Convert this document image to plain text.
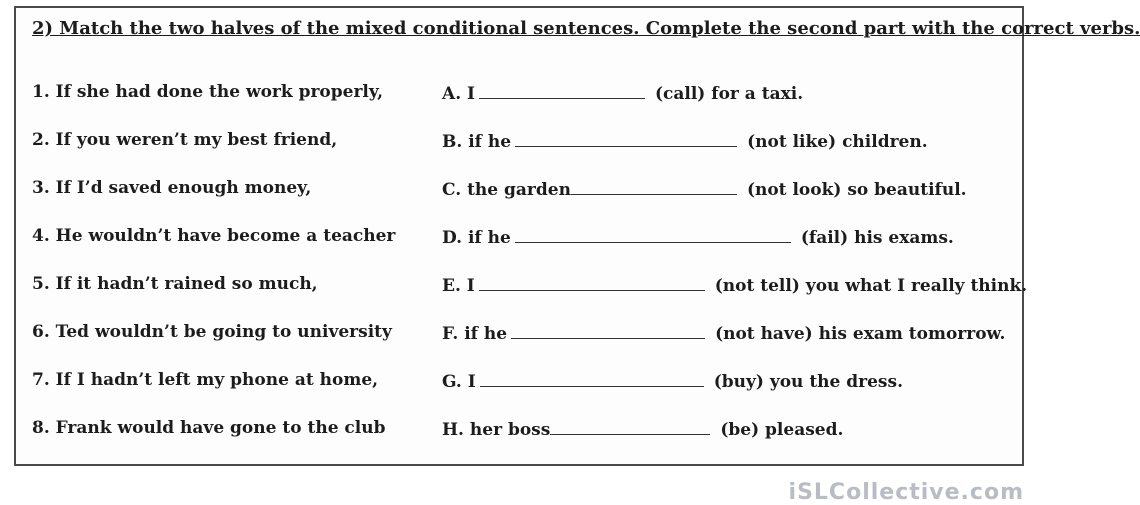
2) Match the two halves of the mixed conditional sentences. Complete the second part with the correct verbs.
1. If she had done the work properly,	A. I	(call) for a taxi.
2. If you weren’t my best friend,	B. if he	(not like) children.
3. If I’d saved enough money,	C. the garden	(not look) so beautiful.
4. He wouldn’t have become a teacher	D. if he	(fail) his exams.
5. If it hadn’t rained so much,	E. I	(not tell) you what I really think.
6. Ted wouldn’t be going to university	F. if he	(not have) his exam tomorrow.
7. If I hadn’t left my phone at home,	G. I	(buy) you the dress.
8. Frank would have gone to the club	H. her boss	(be) pleased.
iSLCollective.com
